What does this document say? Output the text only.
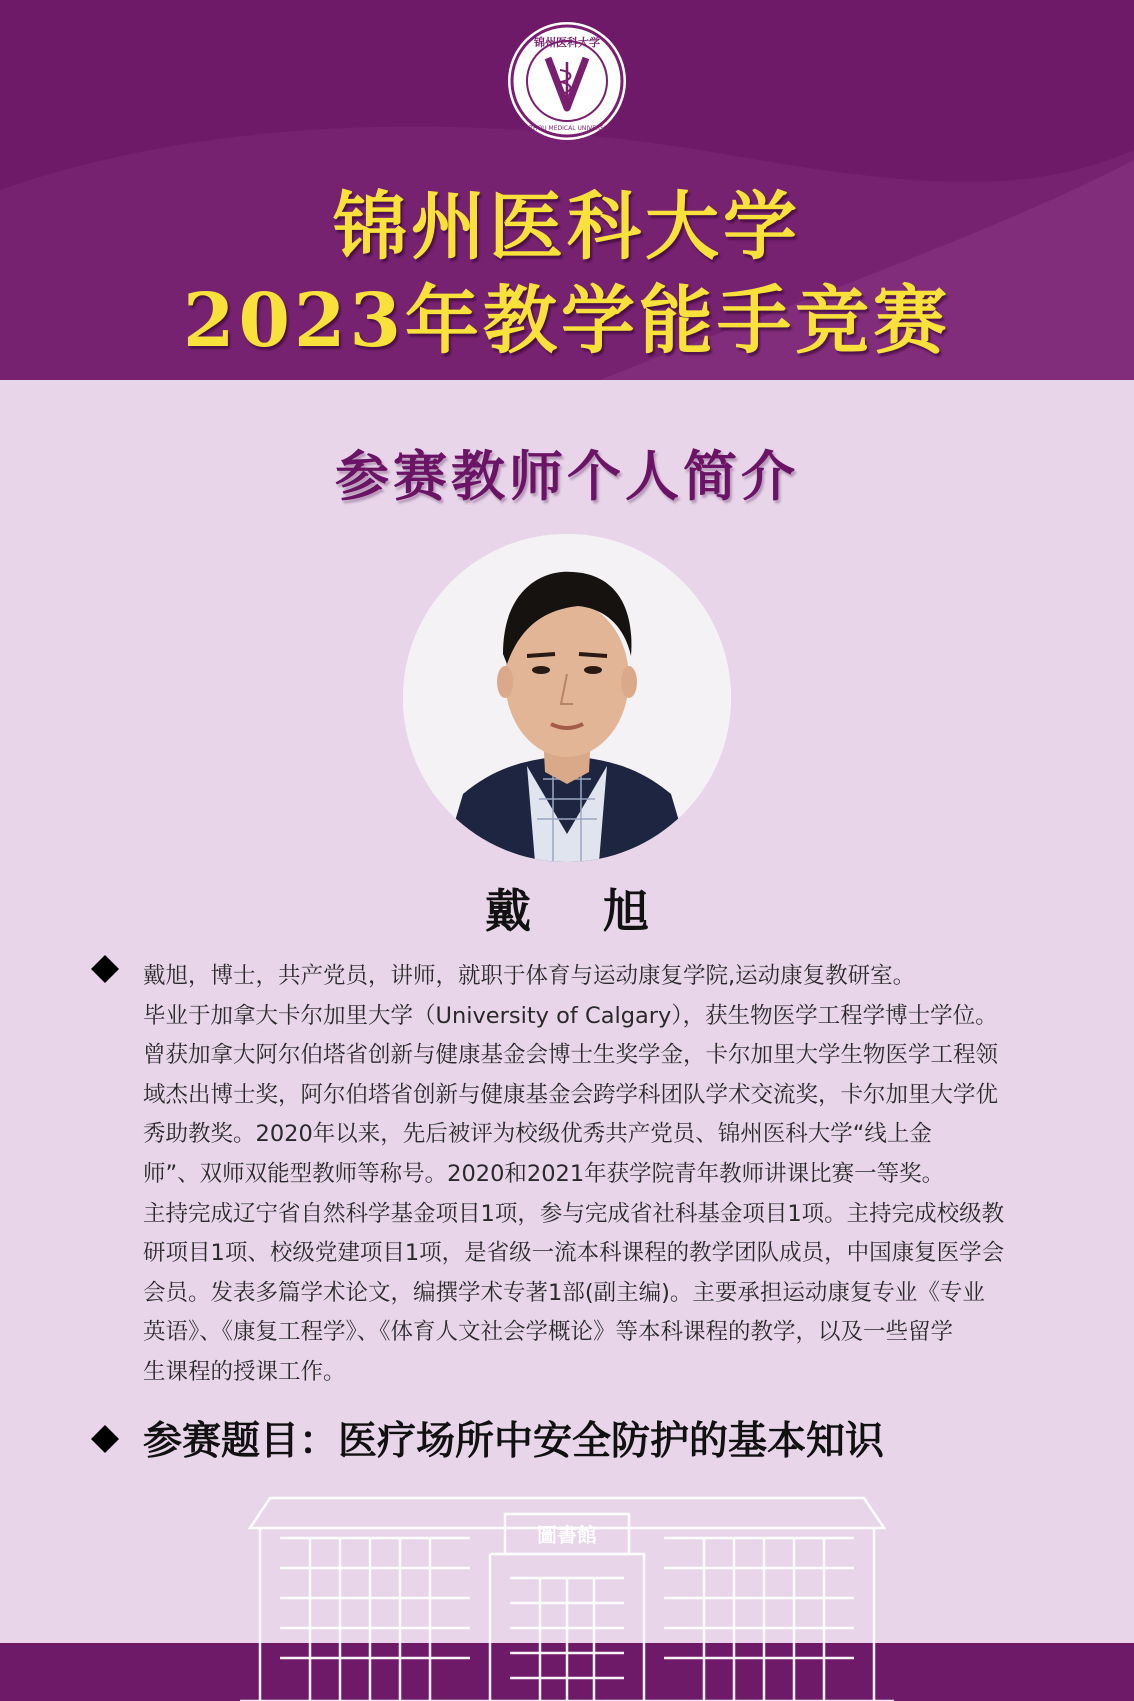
锦州医科大学
JINZHOU MEDICAL UNIVERSITY
锦州医科大学
2023年教学能手竞赛
参赛教师个人简介
戴 旭

戴旭，博士，共产党员，讲师，就职于体育与运动康复学院,运动康复教研室。

毕业于加拿大卡尔加里大学（University of Calgary），获生物医学工程学博士学位。

曾获加拿大阿尔伯塔省创新与健康基金会博士生奖学金，卡尔加里大学生物医学工程领

域杰出博士奖，阿尔伯塔省创新与健康基金会跨学科团队学术交流奖，卡尔加里大学优

秀助教奖。2020年以来，先后被评为校级优秀共产党员、锦州医科大学“线上金

师”、双师双能型教师等称号。2020和2021年获学院青年教师讲课比赛一等奖。

主持完成辽宁省自然科学基金项目1项，参与完成省社科基金项目1项。主持完成校级教

研项目1项、校级党建项目1项，是省级一流本科课程的教学团队成员，中国康复医学会

会员。发表多篇学术论文，编撰学术专著1部(副主编)。主要承担运动康复专业《专业

英语》、《康复工程学》、《体育人文社会学概论》等本科课程的教学，以及一些留学

生课程的授课工作。

参赛题目：医疗场所中安全防护的基本知识
圖書館
